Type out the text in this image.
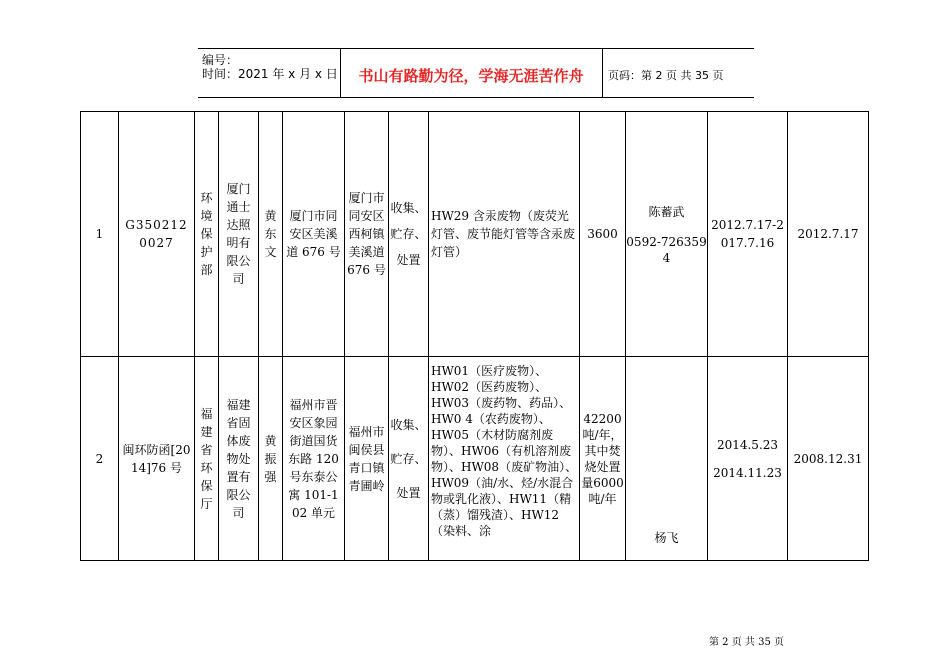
编号：
时间：2021 年 x 月 x 日	书山有路勤为径，学海无涯苦作舟	页码：第 2 页 共 35 页
1	G3502120027	环境保护部	厦门通士达照明有限公司	黄东文	厦门市同安区美溪道 676 号	厦门市同安区西柯镇美溪道 676 号	收集、贮存、处置	HW29 含汞废物（废荧光灯管、废节能灯管等含汞废灯管）	3600	陈蓄武
0592-7263594	2012.7.17-2017.7.16	2012.7.17
2	闽环防函[2014]76 号	福建省环保厅	福建省固体废物处置有限公司	黄振强	福州市晋安区象园街道国货东路 120 号东泰公寓 101-102 单元	福州市闽侯县青口镇青圃岭	收集、贮存、处置	HW01（医疗废物）、HW02（医药废物）、HW03（废药物、药品）、HW0 4（农药废物）、HW05（木材防腐剂废物）、HW06（有机溶剂废物）、HW08（废矿物油）、HW09（油/水、烃/水混合物或乳化液）、HW11（精（蒸）馏残渣）、HW12（染料、涂	42200吨/年，其中焚烧处置量6000吨/年	杨飞	2014.5.23
2014.11.23	2008.12.31
第 2 页 共 35 页
